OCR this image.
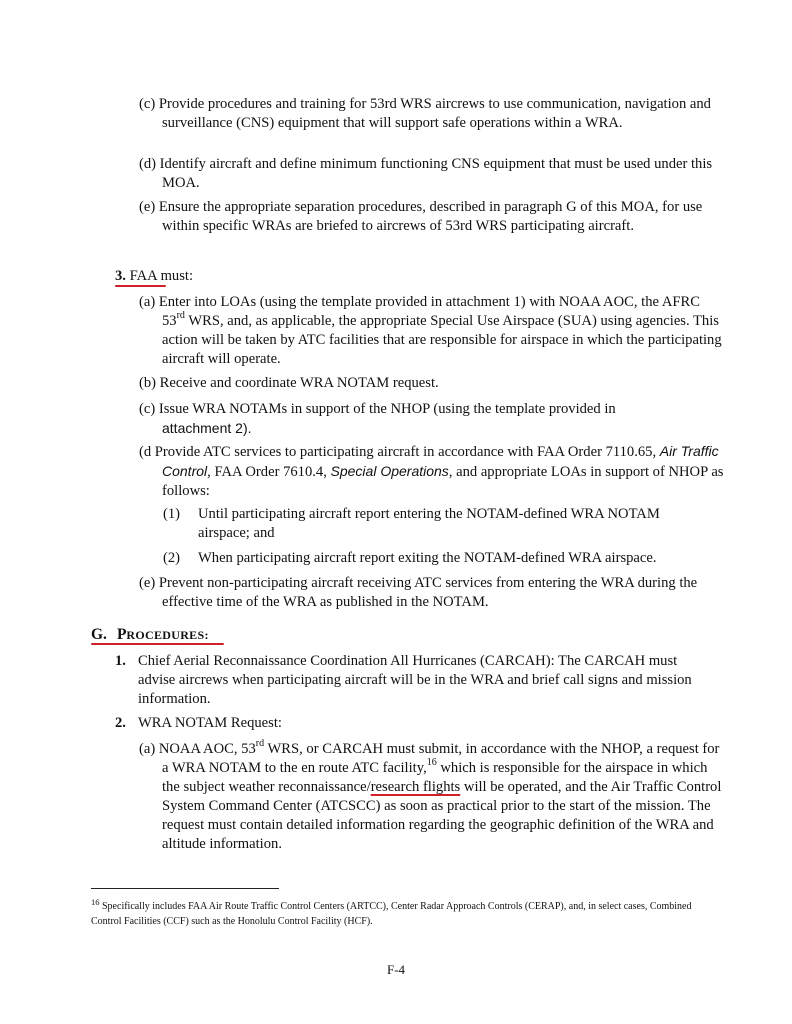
(c) Provide procedures and training for 53rd WRS aircrews to use communication, navigation and surveillance (CNS) equipment that will support safe operations within a WRA.
(d) Identify aircraft and define minimum functioning CNS equipment that must be used under this MOA.
(e) Ensure the appropriate separation procedures, described in paragraph G of this MOA, for use within specific WRAs are briefed to aircrews of 53rd WRS participating aircraft.
3. FAA must:
(a) Enter into LOAs (using the template provided in attachment 1) with NOAA AOC, the AFRC 53rd WRS, and, as applicable, the appropriate Special Use Airspace (SUA) using agencies. This action will be taken by ATC facilities that are responsible for airspace in which the participating aircraft will operate.
(b) Receive and coordinate WRA NOTAM request.
(c) Issue WRA NOTAMs in support of the NHOP (using the template provided in
attachment 2).
(d Provide ATC services to participating aircraft in accordance with FAA Order 7110.65, Air Traffic Control, FAA Order 7610.4, Special Operations, and appropriate LOAs in support of NHOP as follows:
(1) Until participating aircraft report entering the NOTAM-defined WRA NOTAM airspace; and
(2) When participating aircraft report exiting the NOTAM-defined WRA airspace.
(e) Prevent non-participating aircraft receiving ATC services from entering the WRA during the effective time of the WRA as published in the NOTAM.
G. PROCEDURES:
1. Chief Aerial Reconnaissance Coordination All Hurricanes (CARCAH): The CARCAH must advise aircrews when participating aircraft will be in the WRA and brief call signs and mission information.
2. WRA NOTAM Request:
(a) NOAA AOC, 53rd WRS, or CARCAH must submit, in accordance with the NHOP, a request for a WRA NOTAM to the en route ATC facility,$^{16}$ which is responsible for the airspace in which the subject weather reconnaissance/research flights will be operated, and the Air Traffic Control System Command Center (ATCSCC) as soon as practical prior to the start of the mission. The request must contain detailed information regarding the geographic definition of the WRA and altitude information.
$^{16}$ Specifically includes FAA Air Route Traffic Control Centers (ARTCC), Center Radar Approach Controls (CERAP), and, in select cases, Combined Control Facilities (CCF) such as the Honolulu Control Facility (HCF).
F-4
